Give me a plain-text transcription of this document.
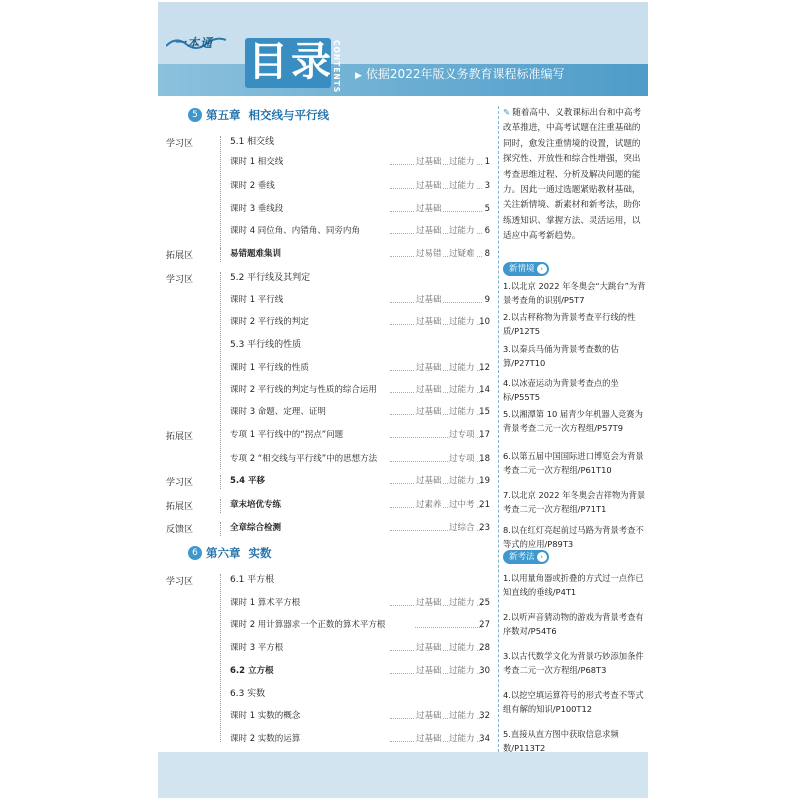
一本通 目录
CONTENTS ▶ 依据2022年版义务教育课程标准编写
5 第五章 相交线与平行线
学习区	5.1 相交线
课时 1 相交线	过基础 过能力	1
课时 2 垂线	过基础 过能力	3
课时 3 垂线段	过基础	5
课时 4 同位角、内错角、同旁内角	过基础 过能力	6
拓展区	易错题难集训	过易错 过疑难	8
学习区	5.2 平行线及其判定
课时 1 平行线	过基础	9
课时 2 平行线的判定	过基础 过能力 10
5.3 平行线的性质
课时 1 平行线的性质	过基础 过能力 12
课时 2 平行线的判定与性质的综合运用	过基础 过能力 14
课时 3 命题、定理、证明	过基础 过能力 15
拓展区	专项 1 平行线中的“拐点”问题	过专项 17
专项 2 “相交线与平行线”中的思想方法	过专项 18
学习区	5.4 平移	过基础 过能力 19
拓展区	章末培优专练	过素养 过中考 21
反馈区	全章综合检测	过综合 23
6 第六章 实数
学习区	6.1 平方根
课时 1 算术平方根	过基础 过能力 25
课时 2 用计算器求一个正数的算术平方根	27
课时 3 平方根	过基础 过能力 28
6.2 立方根	过基础 过能力 30
6.3 实数
课时 1 实数的概念	过基础 过能力 32
课时 2 实数的运算	过基础 过能力 34
✎ 随着高中、义教课标出台和中高考改革推进，中高考试题在注重基础的同时，愈发注重情境的设置，试题的探究性、开放性和综合性增强，突出考查思维过程、分析及解决问题的能力。因此一通过选题紧贴教材基础，关注新情境、新素材和新考法，助你练透知识、掌握方法、灵活运用，以适应中高考新趋势。
新情境 ›
1.以北京 2022 年冬奥会“大跳台”为背景考查角的识别/P5T7
2.以古秤称物为背景考查平行线的性质/P12T5
3.以秦兵马俑为背景考查数的估算/P27T10
4.以冰壶运动为背景考查点的坐标/P55T5
5.以湘潭第 10 届青少年机器人竞赛为背景考查二元一次方程组/P57T9
6.以第五届中国国际进口博览会为背景考查二元一次方程组/P61T10
7.以北京 2022 年冬奥会吉祥物为背景考查二元一次方程组/P71T1
8.以在红灯亮起前过马路为背景考查不等式的应用/P89T3
新考法 ›
1.以用量角器或折叠的方式过一点作已知直线的垂线/P4T1
2.以听声音猜动物的游戏为背景考查有序数对/P54T6
3.以古代数学文化为背景巧妙添加条件考查二元一次方程组/P68T3
4.以挖空填运算符号的形式考查不等式组有解的知识/P100T12
5.直接从直方图中获取信息求频数/P113T2
